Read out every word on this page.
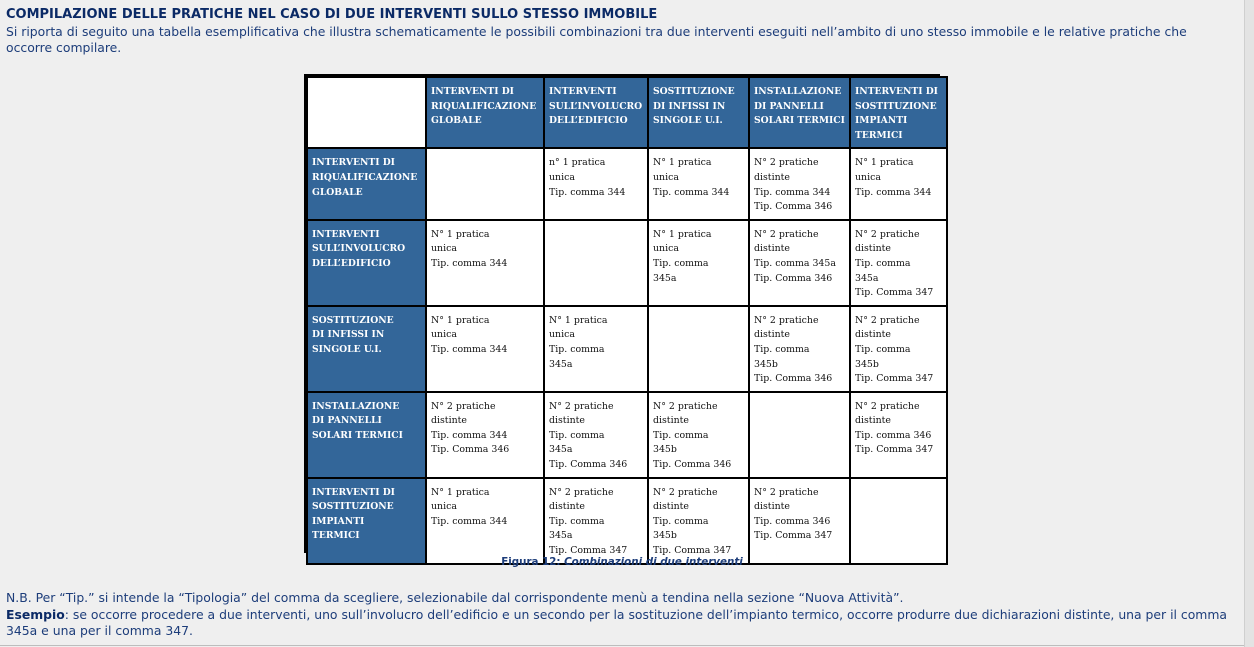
COMPILAZIONE DELLE PRATICHE NEL CASO DI DUE INTERVENTI SULLO STESSO IMMOBILE
Si riporta di seguito una tabella esemplificativa che illustra schematicamente le possibili combinazioni tra due interventi eseguiti nell’ambito di uno stesso immobile e le relative pratiche che occorre compilare.

	INTERVENTI DI
RIQUALIFICAZIONE
GLOBALE	INTERVENTI
SULL’INVOLUCRO
DELL’EDIFICIO	SOSTITUZIONE
DI INFISSI IN
SINGOLE U.I.	INSTALLAZIONE
DI PANNELLI
SOLARI TERMICI	INTERVENTI DI
SOSTITUZIONE
IMPIANTI
TERMICI

INTERVENTI DI
RIQUALIFICAZIONE
GLOBALE		n° 1 pratica
unica
Tip. comma 344	N° 1 pratica
unica
Tip. comma 344	N° 2 pratiche
distinte
Tip. comma 344
Tip. Comma 346	N° 1 pratica
unica
Tip. comma 344

INTERVENTI
SULL’INVOLUCRO
DELL’EDIFICIO	N° 1 pratica
unica
Tip. comma 344		N° 1 pratica
unica
Tip. comma
345a	N° 2 pratiche
distinte
Tip. comma 345a
Tip. Comma 346	N° 2 pratiche
distinte
Tip. comma
345a
Tip. Comma 347

SOSTITUZIONE
DI INFISSI IN
SINGOLE U.I.	N° 1 pratica
unica
Tip. comma 344	N° 1 pratica
unica
Tip. comma
345a		N° 2 pratiche
distinte
Tip. comma
345b
Tip. Comma 346	N° 2 pratiche
distinte
Tip. comma
345b
Tip. Comma 347

INSTALLAZIONE
DI PANNELLI
SOLARI TERMICI	N° 2 pratiche
distinte
Tip. comma 344
Tip. Comma 346	N° 2 pratiche
distinte
Tip. comma
345a
Tip. Comma 346	N° 2 pratiche
distinte
Tip. comma
345b
Tip. Comma 346		N° 2 pratiche
distinte
Tip. comma 346
Tip. Comma 347

INTERVENTI DI
SOSTITUZIONE
IMPIANTI
TERMICI	N° 1 pratica
unica
Tip. comma 344	N° 2 pratiche
distinte
Tip. comma
345a
Tip. Comma 347	N° 2 pratiche
distinte
Tip. comma
345b
Tip. Comma 347	N° 2 pratiche
distinte
Tip. comma 346
Tip. Comma 347	

Figura 12: Combinazioni di due interventi
N.B. Per “Tip.” si intende la “Tipologia” del comma da scegliere, selezionabile dal corrispondente menù a tendina nella sezione “Nuova Attività”.
Esempio: se occorre procedere a due interventi, uno sull’involucro dell’edificio e un secondo per la sostituzione dell’impianto termico, occorre produrre due dichiarazioni distinte, una per il comma 345a e una per il comma 347.
